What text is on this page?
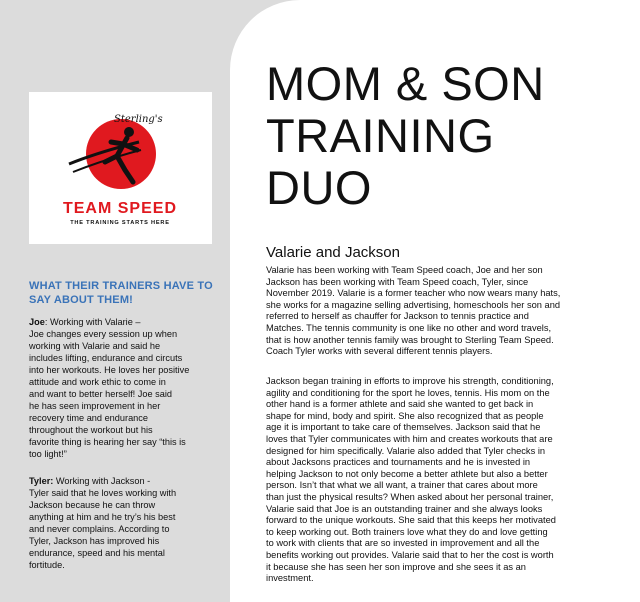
Sterling's
TEAM SPEED
THE TRAINING STARTS HERE
WHAT THEIR TRAINERS HAVE TO SAY ABOUT THEM!
Joe: Working with Valarie –
Joe changes every session up when
working with Valarie and said he
includes lifting, endurance and circuts
into her workouts. He loves her positive
attitude and work ethic to come in
and want to better herself! Joe said
he has seen improvement in her
recovery time and endurance
throughout the workout but his
favorite thing is hearing her say “this is
too light!”
Tyler: Working with Jackson -
Tyler said that he loves working with
Jackson because he can throw
anything at him and he try’s his best
and never complains. According to
Tyler, Jackson has improved his
endurance, speed and his mental
fortitude.
MOM & SON
TRAINING
DUO
Valarie and Jackson
Valarie has been working with Team Speed coach, Joe and her son
Jackson has been working with Team Speed coach, Tyler, since
November 2019. Valarie is a former teacher who now wears many hats,
she works for a magazine selling advertising, homeschools her son and
referred to herself as chauffer for Jackson to tennis practice and
Matches. The tennis community is one like no other and word travels,
that is how another tennis family was brought to Sterling Team Speed.
Coach Tyler works with several different tennis players.
Jackson began training in efforts to improve his strength, conditioning,
agility and conditioning for the sport he loves, tennis. His mom on the
other hand is a former athlete and said she wanted to get back in
shape for mind, body and spirit. She also recognized that as people
age it is important to take care of themselves. Jackson said that he
loves that Tyler communicates with him and creates workouts that are
designed for him specifically. Valarie also added that Tyler checks in
about Jacksons practices and tournaments and he is invested in
helping Jackson to not only become a better athlete but also a better
person. Isn’t that what we all want, a trainer that cares about more
than just the physical results? When asked about her personal trainer,
Valarie said that Joe is an outstanding trainer and she always looks
forward to the unique workouts. She said that this keeps her motivated
to keep working out. Both trainers love what they do and love getting
to work with clients that are so invested in improvement and all the
benefits working out provides. Valarie said that to her the cost is worth
it because she has seen her son improve and she sees it as an
investment.
